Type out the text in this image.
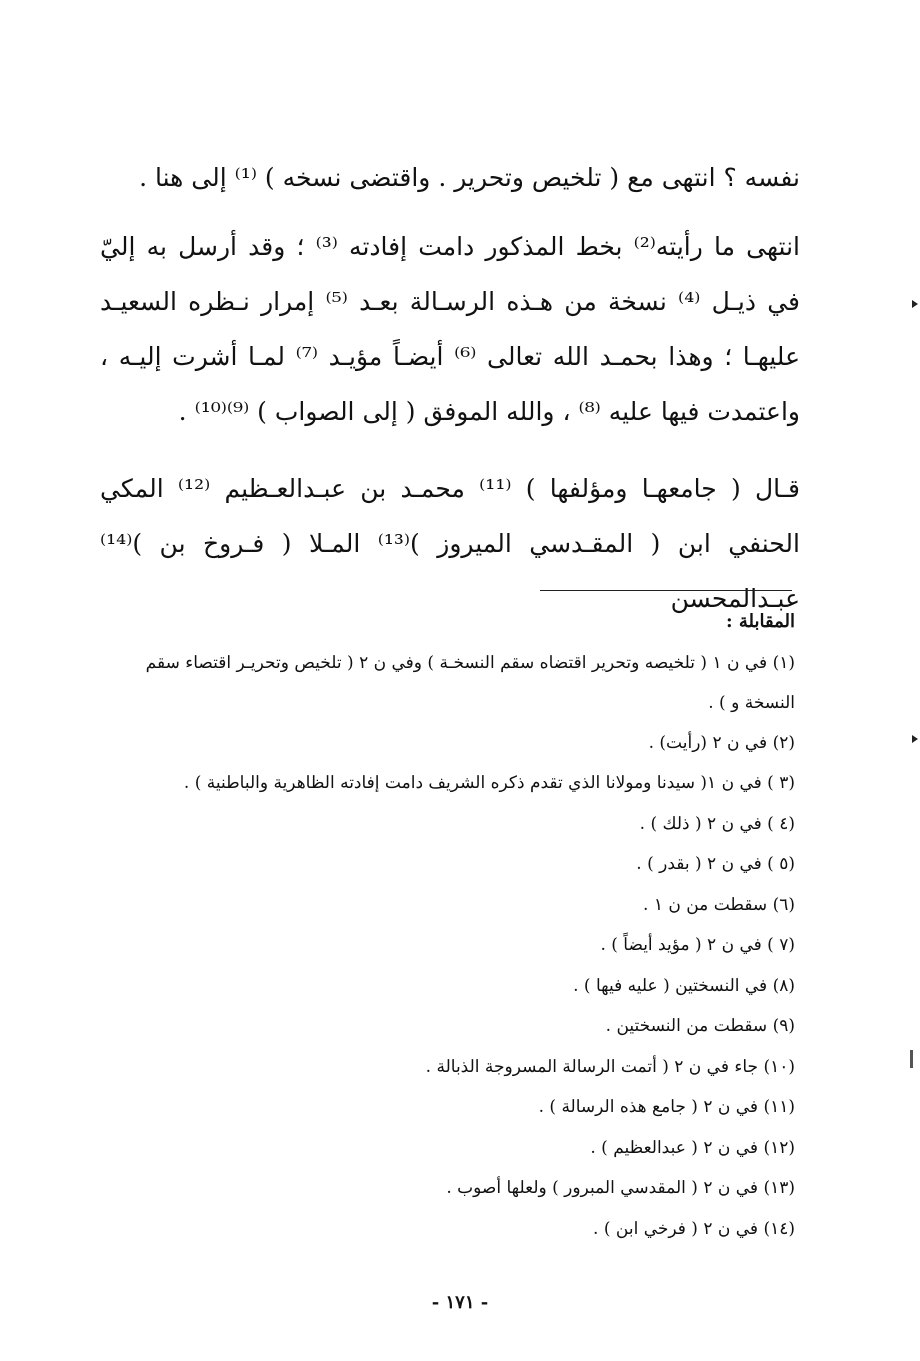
نفسه ؟ انتهى مع ( تلخيص وتحرير . واقتضى نسخه ) ⁽¹⁾ إلى هنا .

انتهى ما رأيته⁽²⁾ بخط المذكور دامت إفادته ⁽³⁾ ؛ وقد أرسل به إليّ في ذيـل ⁽⁴⁾ نسخة من هـذه الرسـالة بعـد ⁽⁵⁾ إمرار نـظره السعيـد عليهـا ؛ وهذا بحمـد الله تعالى ⁽⁶⁾ أيضـاً مؤيـد ⁽⁷⁾ لمـا أشرت إليـه ، واعتمدت فيها عليه ⁽⁸⁾ ، والله الموفق ( إلى الصواب ) ⁽⁹⁾⁽¹⁰⁾ .

قـال ( جامعهـا ومؤلفها ) ⁽¹¹⁾ محمـد بن عبـدالعـظيم ⁽¹²⁾ المكي الحنفي ابن ( المقـدسي الميروز )⁽¹³⁾ المـلا ( فـروخ بن )⁽¹⁴⁾ عبـدالمحسن

المقابلة :

(١) في ن ١ ( تلخيصه وتحرير اقتضاه سقم النسخـة ) وفي ن ٢ ( تلخيص وتحريـر اقتصاء سقم النسخة و ) .

(٢) في ن ٢ (رأيت) .

(٣ ) في ن ١( سيدنا ومولانا الذي تقدم ذكره الشريف دامت إفادته الظاهرية والباطنية ) .

(٤ ) في ن ٢ ( ذلك ) .

(٥ ) في ن ٢ ( بقدر ) .

(٦) سقطت من ن ١ .

(٧ ) في ن ٢ ( مؤيد أيضاً ) .

(٨) في النسختين ( عليه فيها ) .

(٩) سقطت من النسختين .

(١٠) جاء في ن ٢ ( أتمت الرسالة المسروجة الذبالة .

(١١) في ن ٢ ( جامع هذه الرسالة ) .

(١٢) في ن ٢ ( عبدالعظيم ) .

(١٣) في ن ٢ ( المقدسي المبرور ) ولعلها أصوب .

(١٤) في ن ٢ ( فرخي ابن ) .

- ١٧١ -
